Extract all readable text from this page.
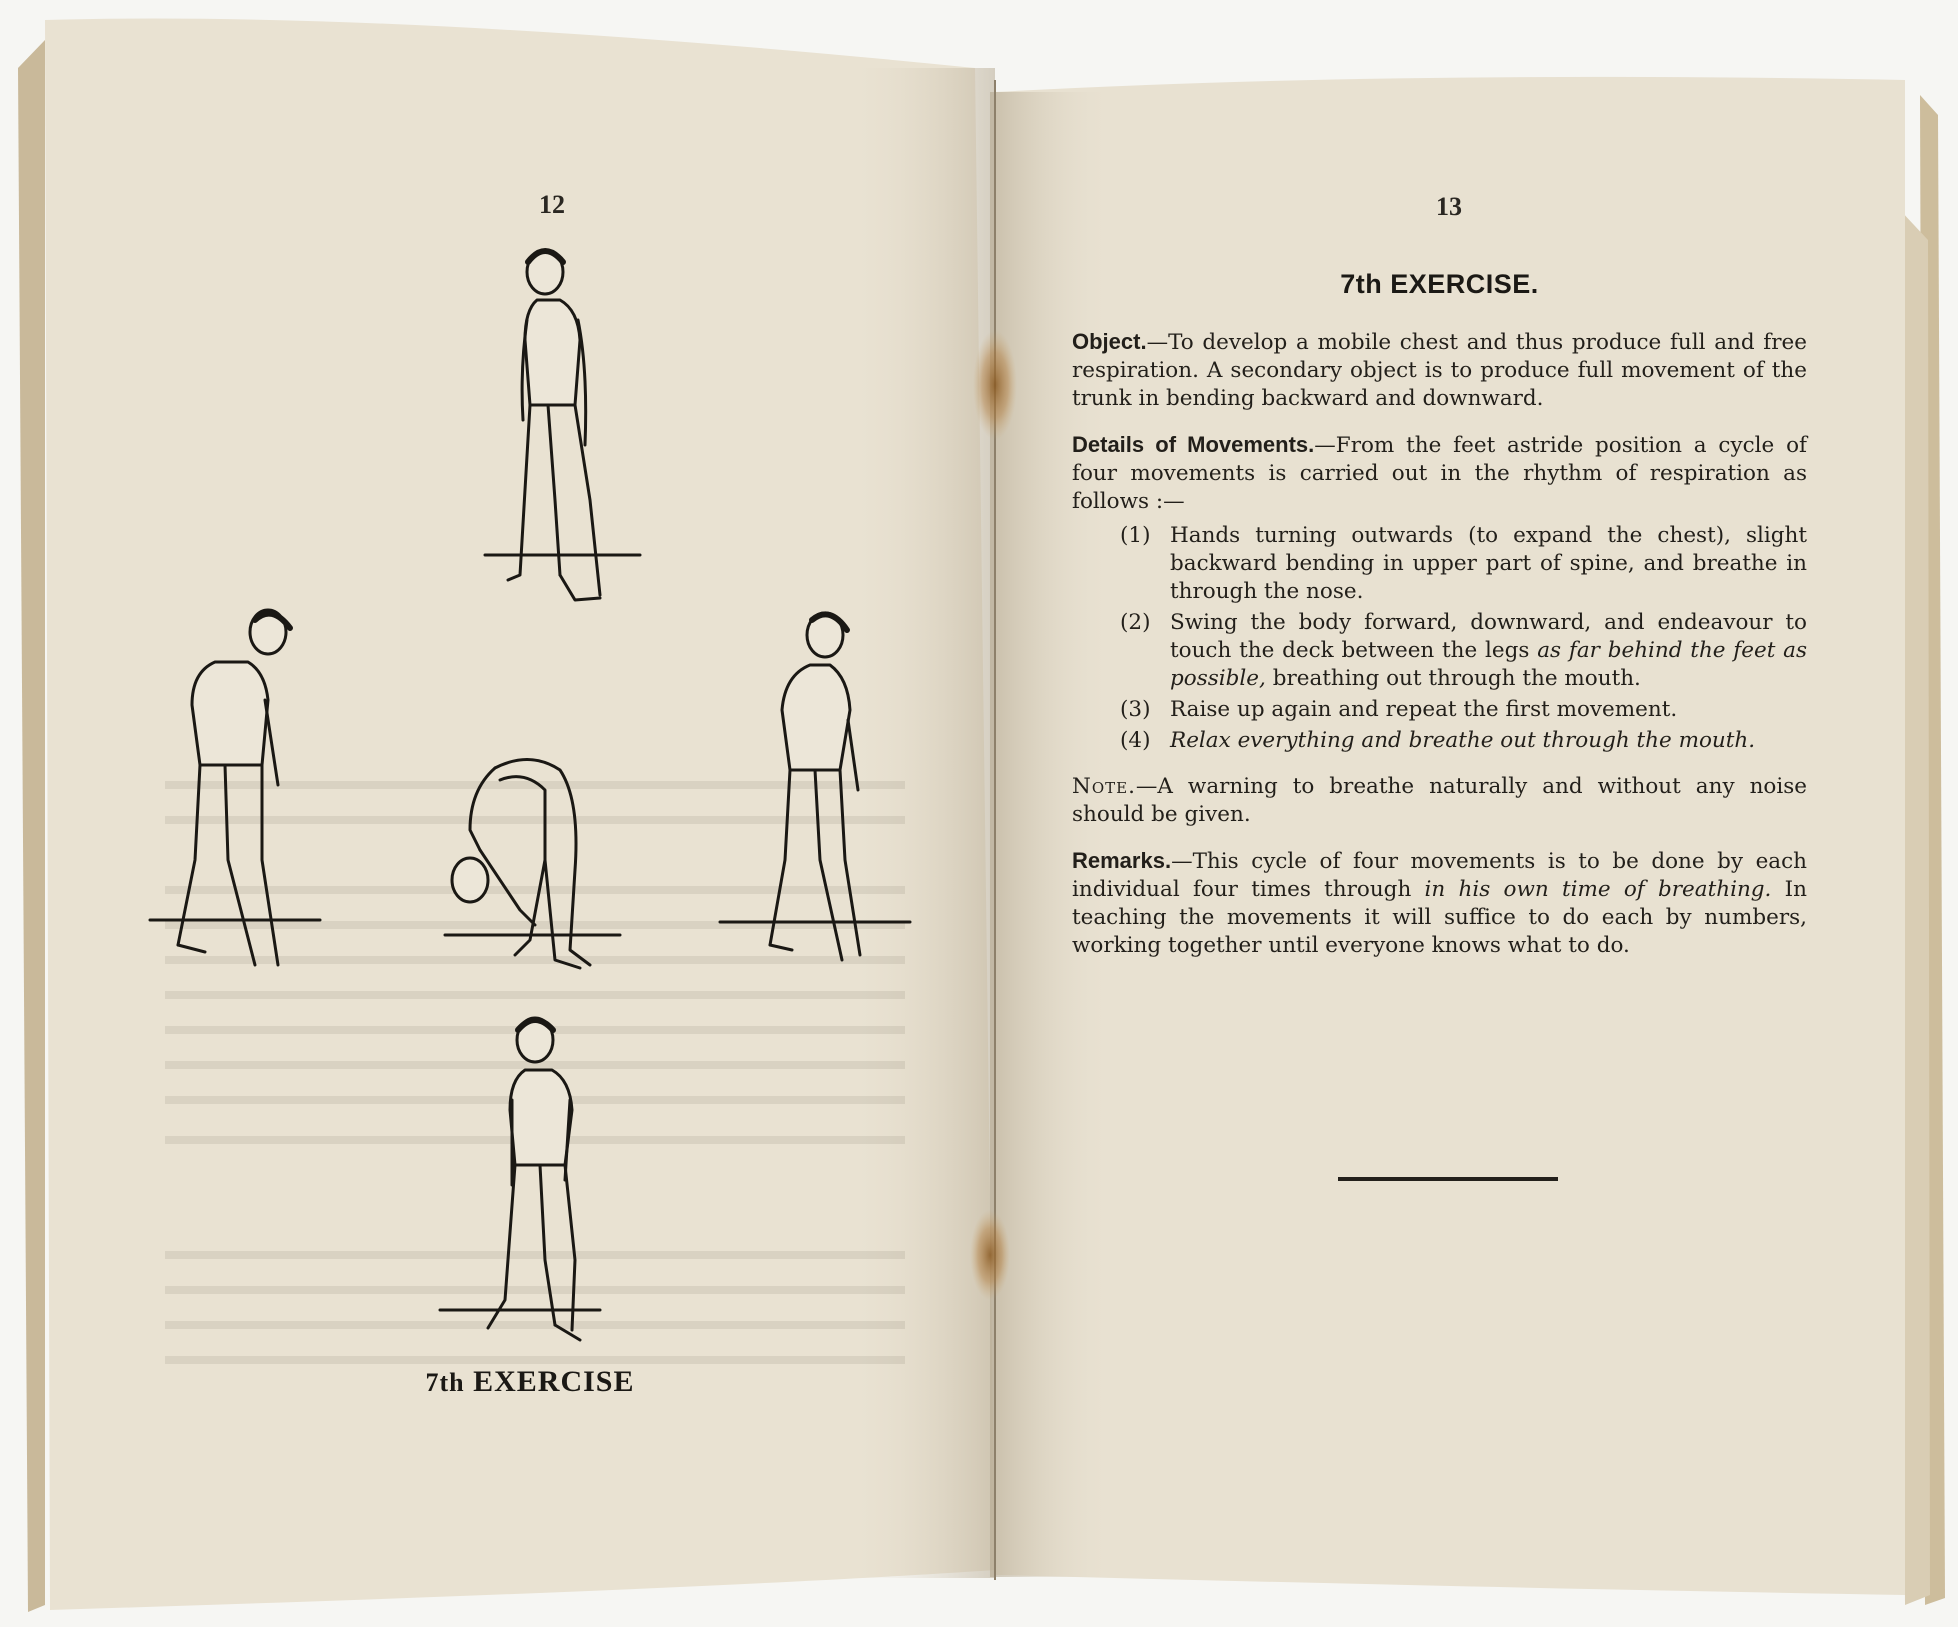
12	13
7th EXERCISE
7th EXERCISE.

Object.—To develop a mobile chest and thus produce full and free respiration. A secondary object is to produce full movement of the trunk in bending backward and downward.

Details of Movements.—From the feet astride position a cycle of four movements is carried out in the rhythm of respiration as follows :—

(1) Hands turning outwards (to expand the chest), slight backward bending in upper part of spine, and breathe in through the nose.
(2) Swing the body forward, downward, and endeavour to touch the deck between the legs as far behind the feet as possible, breathing out through the mouth.
(3) Raise up again and repeat the first movement.
(4) Relax everything and breathe out through the mouth.

Note.—A warning to breathe naturally and without any noise should be given.

Remarks.—This cycle of four movements is to be done by each individual four times through in his own time of breathing. In teaching the movements it will suffice to do each by numbers, working together until everyone knows what to do.
